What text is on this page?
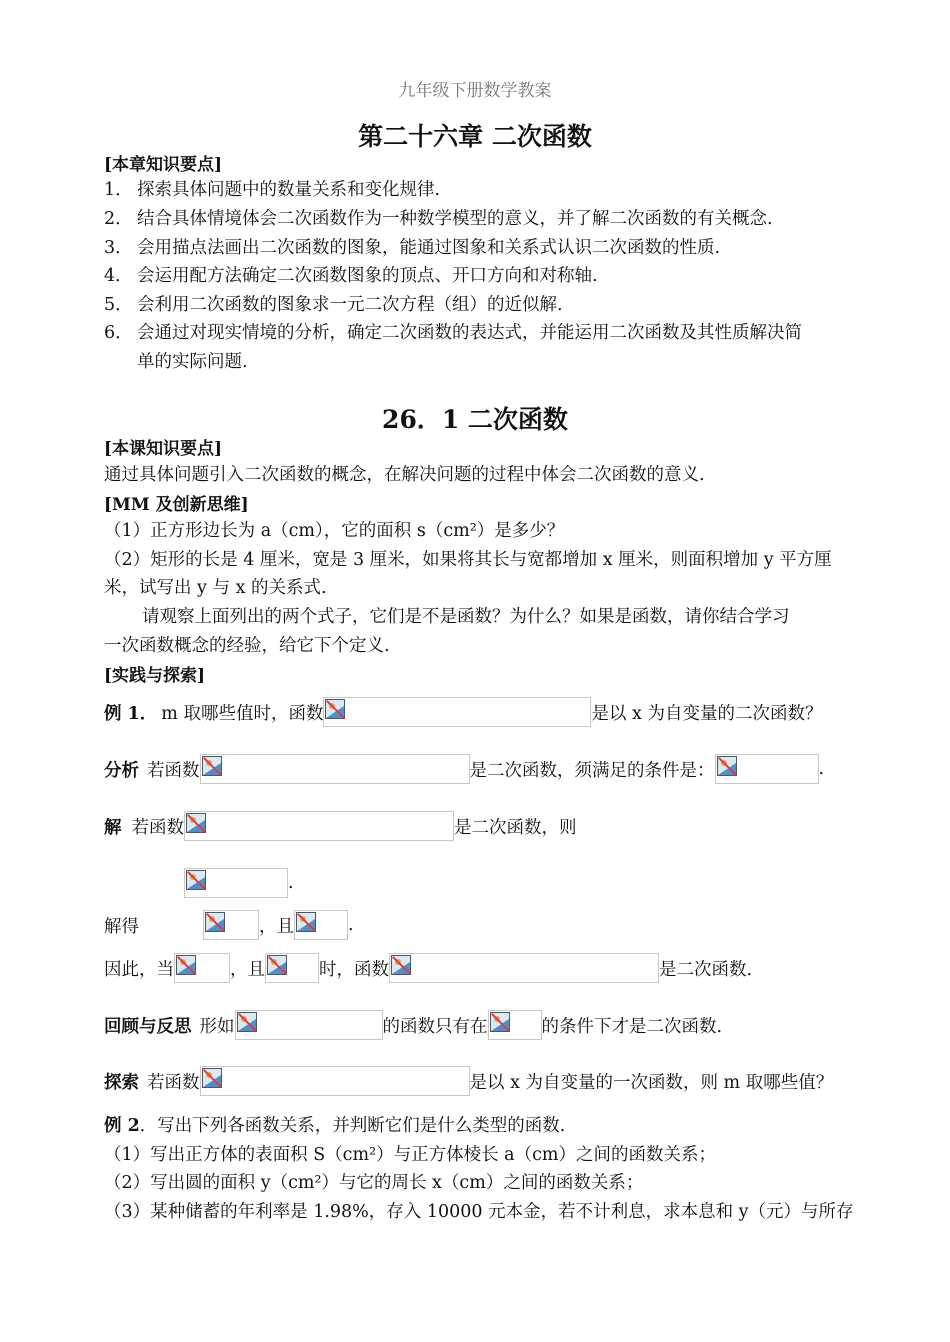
九年级下册数学教案
第二十六章 二次函数
[本章知识要点]
1． 探索具体问题中的数量关系和变化规律.
2． 结合具体情境体会二次函数作为一种数学模型的意义，并了解二次函数的有关概念.
3． 会用描点法画出二次函数的图象，能通过图象和关系式认识二次函数的性质.
4． 会运用配方法确定二次函数图象的顶点、开口方向和对称轴.
5． 会利用二次函数的图象求一元二次方程（组）的近似解.
6． 会通过对现实情境的分析，确定二次函数的表达式，并能运用二次函数及其性质解决简
单的实际问题.
26．1 二次函数
[本课知识要点]
通过具体问题引入二次函数的概念，在解决问题的过程中体会二次函数的意义.
[MM 及创新思维]
（1）正方形边长为 a（cm），它的面积 s（cm²）是多少？
（2）矩形的长是 4 厘米，宽是 3 厘米，如果将其长与宽都增加 x 厘米，则面积增加 y 平方厘
米，试写出 y 与 x 的关系式.
请观察上面列出的两个式子，它们是不是函数？为什么？如果是函数，请你结合学习
一次函数概念的经验，给它下个定义.
[实践与探索]
例 1． m 取哪些值时，函数	是以 x 为自变量的二次函数？
分析 若函数	是二次函数，须满足的条件是：	.
解 若函数	是二次函数，则
.
解得	，且	.
因此，当	，且	时，函数	是二次函数.
回顾与反思 形如	的函数只有在	的条件下才是二次函数.
探索 若函数	是以 x 为自变量的一次函数，则 m 取哪些值？
例 2．写出下列各函数关系，并判断它们是什么类型的函数.
（1）写出正方体的表面积 S（cm²）与正方体棱长 a（cm）之间的函数关系；
（2）写出圆的面积 y（cm²）与它的周长 x（cm）之间的函数关系；
（3）某种储蓄的年利率是 1.98%，存入 10000 元本金，若不计利息，求本息和 y（元）与所存
